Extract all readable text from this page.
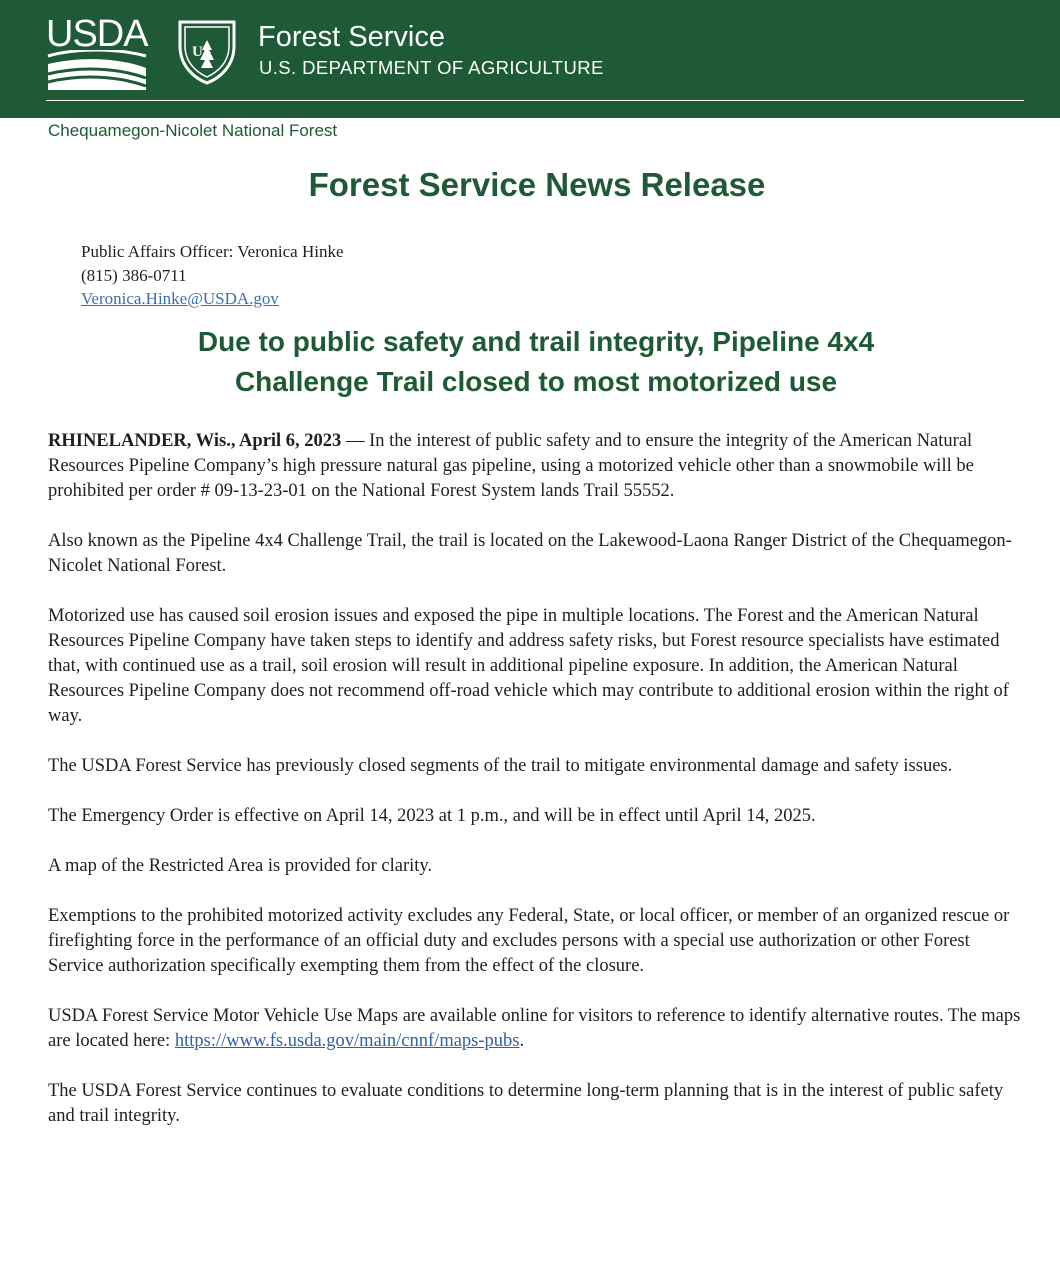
USDA	US Forest Service
U.S. DEPARTMENT OF AGRICULTURE
Chequamegon-Nicolet National Forest
Forest Service News Release
Public Affairs Officer: Veronica Hinke
(815) 386-0711
Veronica.Hinke@USDA.gov
Due to public safety and trail integrity, Pipeline 4x4
Challenge Trail closed to most motorized use

RHINELANDER, Wis., April 6, 2023 — In the interest of public safety and to ensure the integrity of the American Natural Resources Pipeline Company’s high pressure natural gas pipeline, using a motorized vehicle other than a snowmobile will be prohibited per order # 09-13-23-01 on the National Forest System lands Trail 55552.

Also known as the Pipeline 4x4 Challenge Trail, the trail is located on the Lakewood-Laona Ranger District of the Chequamegon-Nicolet National Forest.

Motorized use has caused soil erosion issues and exposed the pipe in multiple locations. The Forest and the American Natural Resources Pipeline Company have taken steps to identify and address safety risks, but Forest resource specialists have estimated that, with continued use as a trail, soil erosion will result in additional pipeline exposure. In addition, the American Natural Resources Pipeline Company does not recommend off-road vehicle which may contribute to additional erosion within the right of way.

The USDA Forest Service has previously closed segments of the trail to mitigate environmental damage and safety issues.

The Emergency Order is effective on April 14, 2023 at 1 p.m., and will be in effect until April 14, 2025.

A map of the Restricted Area is provided for clarity.

Exemptions to the prohibited motorized activity excludes any Federal, State, or local officer, or member of an organized rescue or firefighting force in the performance of an official duty and excludes persons with a special use authorization or other Forest Service authorization specifically exempting them from the effect of the closure.

USDA Forest Service Motor Vehicle Use Maps are available online for visitors to reference to identify alternative routes. The maps are located here: https://www.fs.usda.gov/main/cnnf/maps-pubs.

The USDA Forest Service continues to evaluate conditions to determine long-term planning that is in the interest of public safety and trail integrity.
